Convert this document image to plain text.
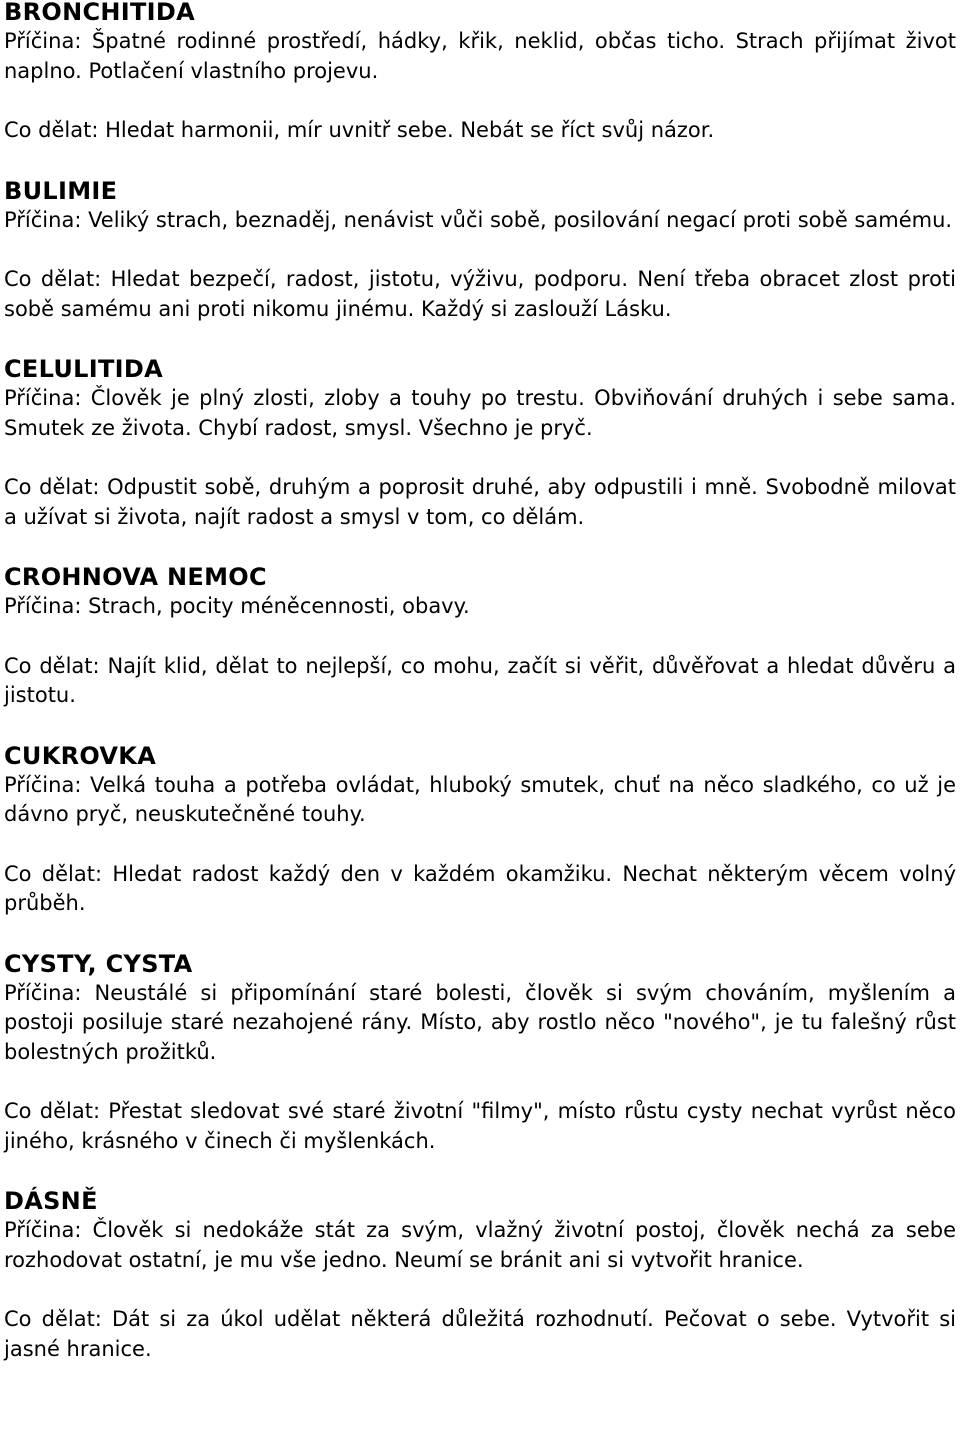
BRONCHITIDA

Příčina: Špatné rodinné prostředí, hádky, křik, neklid, občas ticho. Strach přijímat život naplno. Potlačení vlastního projevu.

Co dělat: Hledat harmonii, mír uvnitř sebe. Nebát se říct svůj názor.

BULIMIE

Příčina: Veliký strach, beznaděj, nenávist vůči sobě, posilování negací proti sobě samému.

Co dělat: Hledat bezpečí, radost, jistotu, výživu, podporu. Není třeba obracet zlost proti sobě samému ani proti nikomu jinému. Každý si zaslouží Lásku.

CELULITIDA

Příčina: Člověk je plný zlosti, zloby a touhy po trestu. Obviňování druhých i sebe sama. Smutek ze života. Chybí radost, smysl. Všechno je pryč.

Co dělat: Odpustit sobě, druhým a poprosit druhé, aby odpustili i mně. Svobodně milovat a užívat si života, najít radost a smysl v tom, co dělám.

CROHNOVA NEMOC

Příčina: Strach, pocity méněcennosti, obavy.

Co dělat: Najít klid, dělat to nejlepší, co mohu, začít si věřit, důvěřovat a hledat důvěru a jistotu.

CUKROVKA

Příčina: Velká touha a potřeba ovládat, hluboký smutek, chuť na něco sladkého, co už je dávno pryč, neuskutečněné touhy.

Co dělat: Hledat radost každý den v každém okamžiku. Nechat některým věcem volný průběh.

CYSTY, CYSTA

Příčina: Neustálé si připomínání staré bolesti, člověk si svým chováním, myšlením a postoji posiluje staré nezahojené rány. Místo, aby rostlo něco "nového", je tu falešný růst bolestných prožitků.

Co dělat: Přestat sledovat své staré životní "filmy", místo růstu cysty nechat vyrůst něco jiného, krásného v činech či myšlenkách.

DÁSNĚ

Příčina: Člověk si nedokáže stát za svým, vlažný životní postoj, člověk nechá za sebe rozhodovat ostatní, je mu vše jedno. Neumí se bránit ani si vytvořit hranice.

Co dělat: Dát si za úkol udělat některá důležitá rozhodnutí. Pečovat o sebe. Vytvořit si jasné hranice.
